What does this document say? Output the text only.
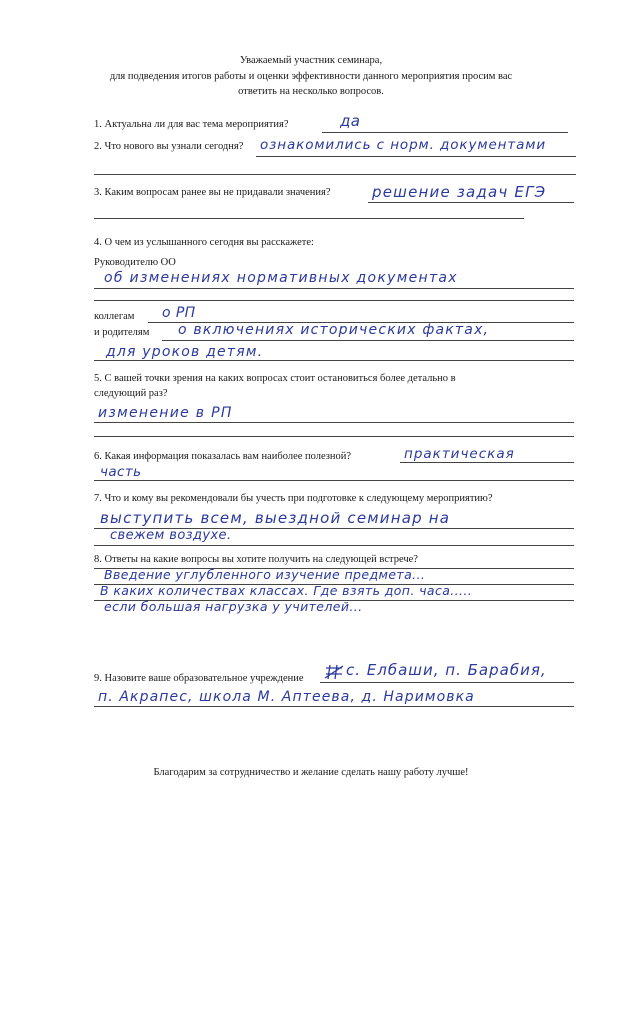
Уважаемый участник семинара,
для подведения итогов работы и оценки эффективности данного мероприятия просим вас
ответить на несколько вопросов.
1. Актуальна ли для вас тема мероприятия?	да
2. Что нового вы узнали сегодня? ознакомились с норм. документами
3. Каким вопросам ранее вы не придавали значения?	решение задач ЕГЭ
4. О чем из услышанного сегодня вы расскажете:
Руководителю ОО
об изменениях нормативных документах
коллегам о РП
и родителям о включениях исторических фактах,
для уроков детям.
5. С вашей точки зрения на каких вопросах стоит остановиться более детально в
следующий раз?
изменение в РП
6. Какая информация показалась вам наиболее полезной?	практическая
часть
7. Что и кому вы рекомендовали бы учесть при подготовке к следующему мероприятию?
выступить всем, выездной семинар на
свежем воздухе.
8. Ответы на какие вопросы вы хотите получить на следующей встрече?
Введение углубленного изучение предмета...
В каких количествах классах. Где взять доп. часа.....
если большая нагрузка у учителей...
9. Назовите ваше образовательное учреждение	с. Елбаши, п. Барабия,
п. Акрапес, школа М. Аптеева, д. Наримовка
Благодарим за сотрудничество и желание сделать нашу работу лучше!
